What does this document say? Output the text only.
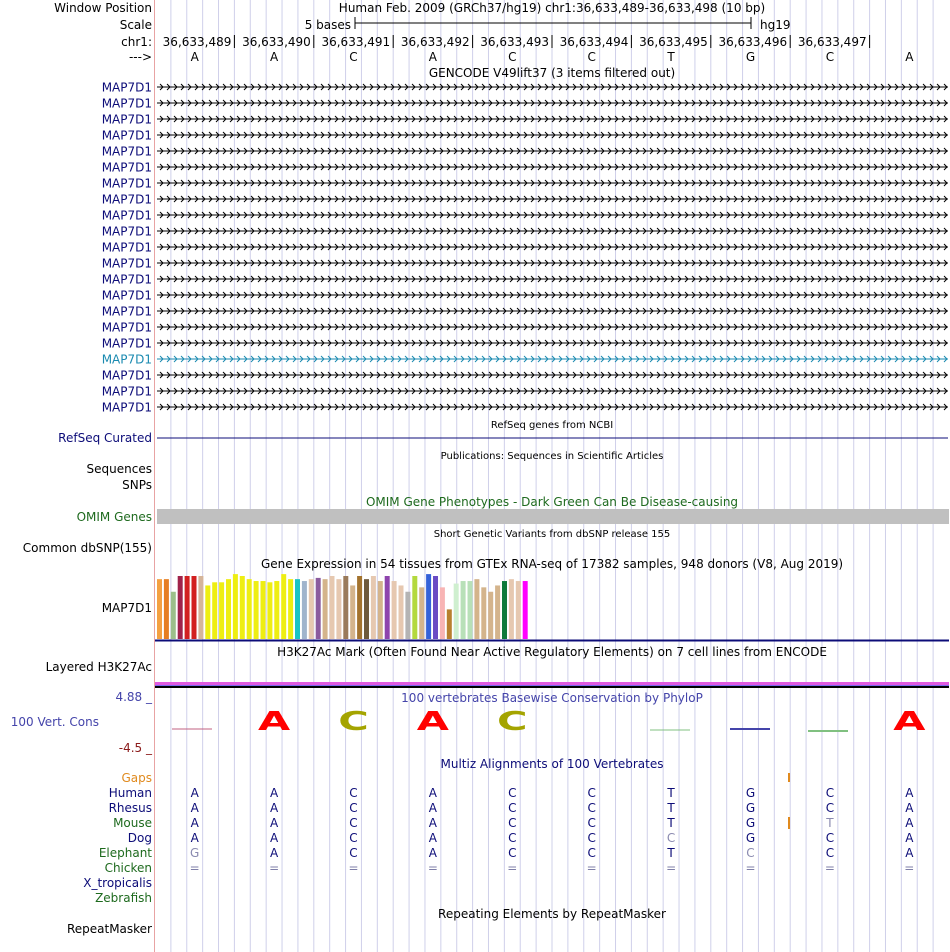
Window Position	Human Feb. 2009 (GRCh37/hg19) chr1:36,633,489-36,633,498 (10 bp)
Scale	5 bases	hg19
chr1: 36,633,489 36,633,490 36,633,491 36,633,492 36,633,493 36,633,494 36,633,495 36,633,496 36,633,497
--->	A	A	C	A	C	C	T	G	C	A
GENCODE V49lift37 (3 items filtered out)
MAP7D1
MAP7D1
MAP7D1
MAP7D1
MAP7D1
MAP7D1
MAP7D1
MAP7D1
MAP7D1
MAP7D1
MAP7D1
MAP7D1
MAP7D1
MAP7D1
MAP7D1
MAP7D1
MAP7D1
MAP7D1
MAP7D1
MAP7D1
MAP7D1
RefSeq genes from NCBI
RefSeq Curated
Publications: Sequences in Scientific Articles
Sequences
SNPs
OMIM Gene Phenotypes - Dark Green Can Be Disease-causing
OMIM Genes
Short Genetic Variants from dbSNP release 155
Common dbSNP(155)
Gene Expression in 54 tissues from GTEx RNA-seq of 17382 samples, 948 donors (V8, Aug 2019)
MAP7D1
H3K27Ac Mark (Often Found Near Active Regulatory Elements) on 7 cell lines from ENCODE
Layered H3K27Ac
100 vertebrates Basewise Conservation by PhyloP
4.88 _
100 Vert. Cons
-4.5 _
A C A C	A
Multiz Alignments of 100 Vertebrates
Gaps
Human	A	A	C	A	C	C	T	G	C	A
Rhesus	A	A	C	A	C	C	T	G	C	A
Mouse	A	A	C	A	C	C	T	G	T	A
Dog	A	A	C	A	C	C	C	G	C	A
Elephant	G	A	C	A	C	C	T	C	C	A
Chicken	=	=	=	=	=	=	=	=	=	=
X_tropicalis
Zebrafish
Repeating Elements by RepeatMasker
RepeatMasker
